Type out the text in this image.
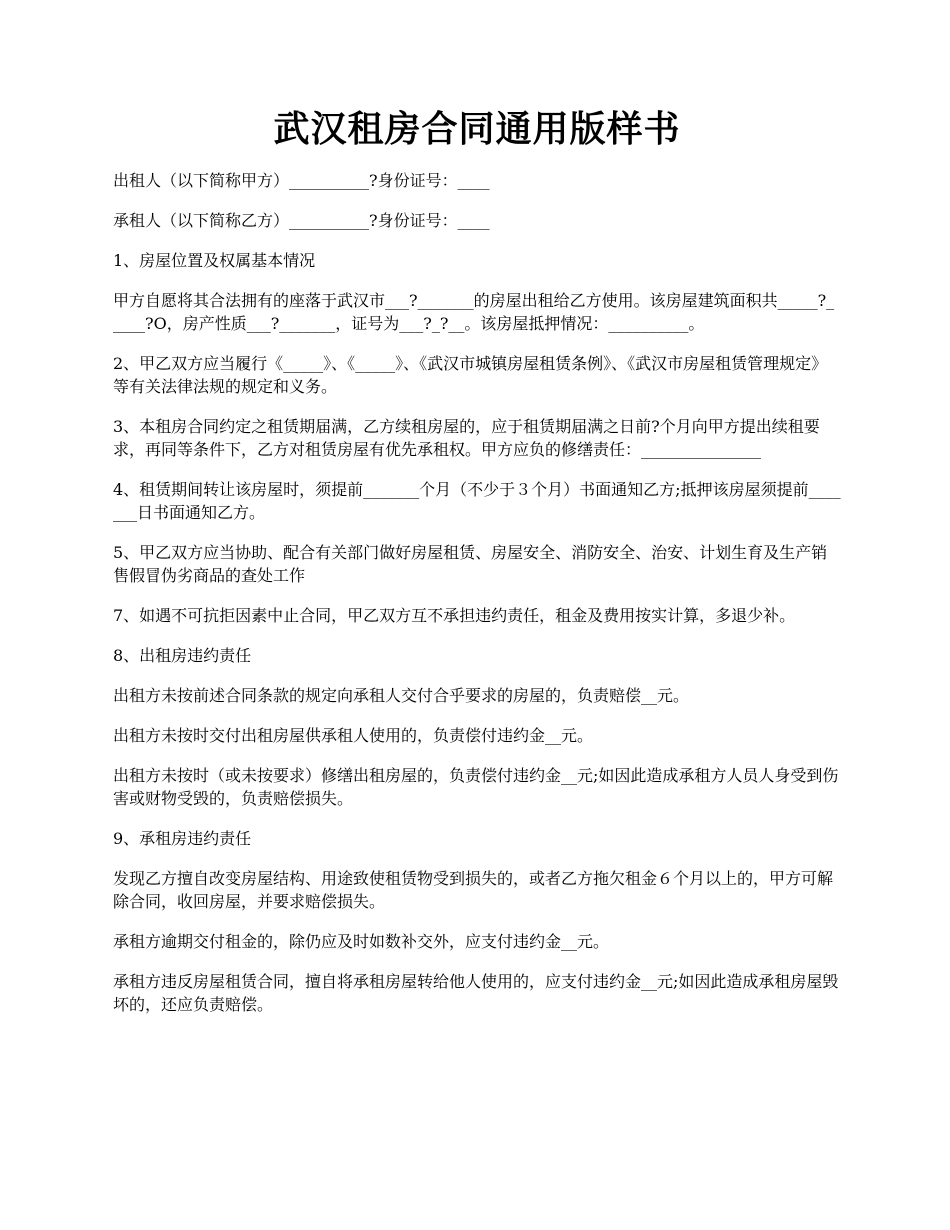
武汉租房合同通用版样书

出租人（以下简称甲方）__________?身份证号：____

承租人（以下简称乙方）__________?身份证号：____

1、房屋位置及权属基本情况

甲方自愿将其合法拥有的座落于武汉市___?_______的房屋出租给乙方使用。该房屋建筑面积共_____?_____?O，房产性质___?_______，证号为___?_?__。该房屋抵押情况：__________。

2、甲乙双方应当履行《_____》、《_____》、《武汉市城镇房屋租赁条例》、《武汉市房屋租赁管理规定》等有关法律法规的规定和义务。

3、本租房合同约定之租赁期届满，乙方续租房屋的，应于租赁期届满之日前?个月向甲方提出续租要求，再同等条件下，乙方对租赁房屋有优先承租权。甲方应负的修缮责任：_______________

4、租赁期间转让该房屋时，须提前_______个月（不少于３个月）书面通知乙方;抵押该房屋须提前_______日书面通知乙方。

5、甲乙双方应当协助、配合有关部门做好房屋租赁、房屋安全、消防安全、治安、计划生育及生产销售假冒伪劣商品的查处工作

7、如遇不可抗拒因素中止合同，甲乙双方互不承担违约责任，租金及费用按实计算，多退少补。

8、出租房违约责任

出租方未按前述合同条款的规定向承租人交付合乎要求的房屋的，负责赔偿__元。

出租方未按时交付出租房屋供承租人使用的，负责偿付违约金__元。

出租方未按时（或未按要求）修缮出租房屋的，负责偿付违约金__元;如因此造成承租方人员人身受到伤害或财物受毁的，负责赔偿损失。

9、承租房违约责任

发现乙方擅自改变房屋结构、用途致使租赁物受到损失的，或者乙方拖欠租金６个月以上的，甲方可解除合同，收回房屋，并要求赔偿损失。

承租方逾期交付租金的，除仍应及时如数补交外，应支付违约金__元。

承租方违反房屋租赁合同，擅自将承租房屋转给他人使用的，应支付违约金__元;如因此造成承租房屋毁坏的，还应负责赔偿。
